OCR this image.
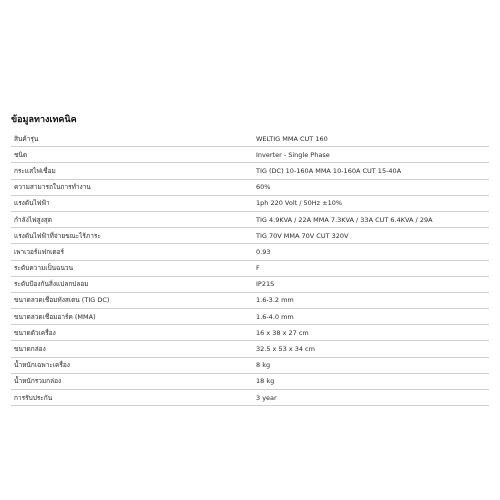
ข้อมูลทางเทคนิค
สินค้ารุ่น	WELTIG MMA CUT 160
ชนิด	Inverter - Single Phase
กระแสไฟเชื่อม	TIG (DC) 10-160A MMA 10-160A CUT 15-40A
ความสามารถในการทำงาน	60%
แรงดันไฟฟ้า	1ph 220 Volt / 50Hz ±10%
กำลังไฟสูงสุด	TIG 4.9KVA / 22A MMA 7.3KVA / 33A CUT 6.4KVA / 29A
แรงดันไฟฟ้าที่จ่ายขณะไร้ภาระ	TIG 70V MMA 70V CUT 320V
เพาเวอร์แฟกเตอร์	0.93
ระดับความเป็นฉนวน	F
ระดับป้องกันสิ่งแปลกปลอม	IP21S
ขนาดลวดเชื่อมทังสเตน (TIG DC)	1.6-3.2 mm
ขนาดลวดเชื่อมอาร์ค (MMA)	1.6-4.0 mm
ขนาดตัวเครื่อง	16 x 38 x 27 cm
ขนาดกล่อง	32.5 x 53 x 34 cm
น้ำหนักเฉพาะเครื่อง	8 kg
น้ำหนักรวมกล่อง	18 kg
การรับประกัน	3 year
